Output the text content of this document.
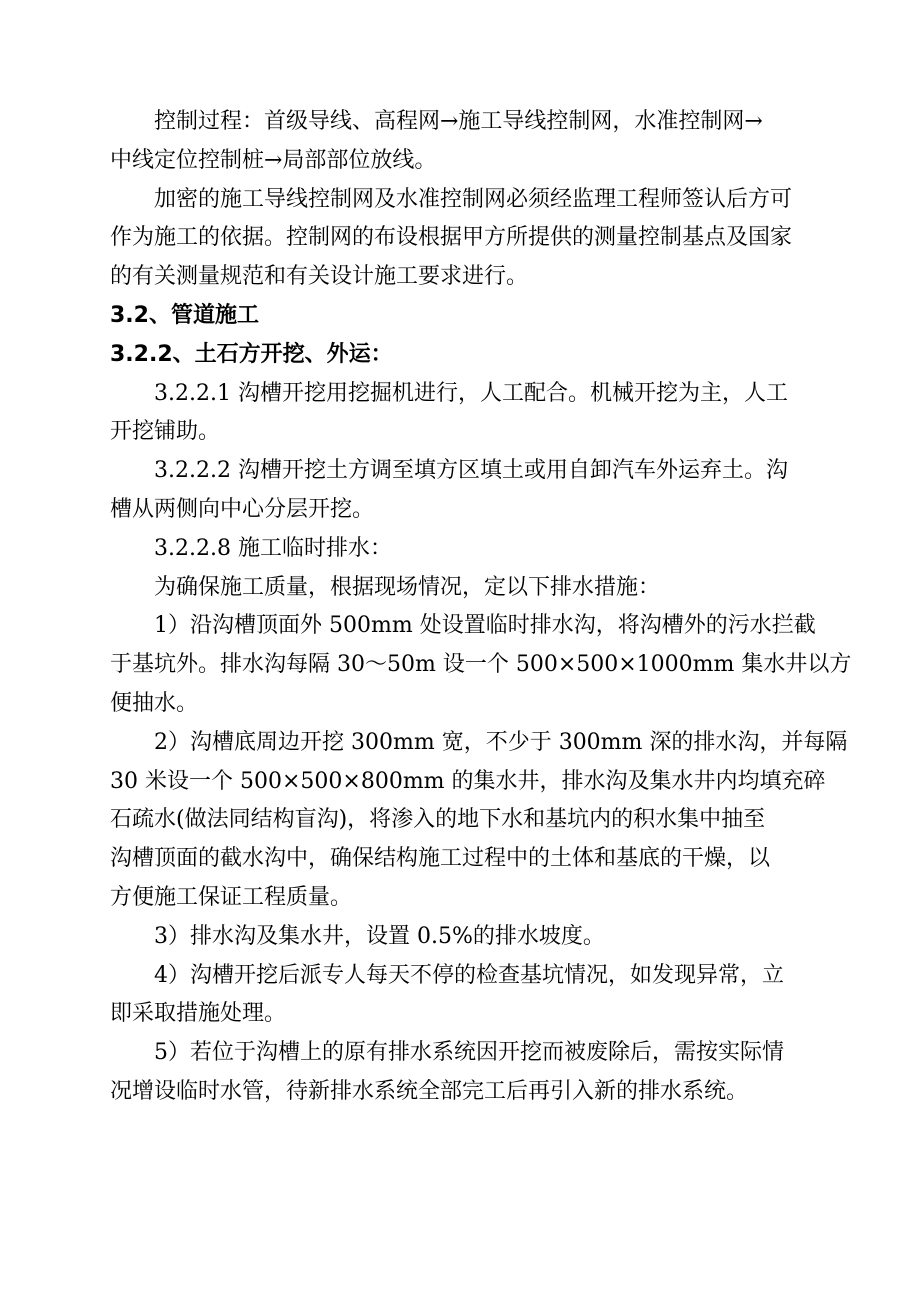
控制过程：首级导线、高程网→施工导线控制网，水准控制网→
中线定位控制桩→局部部位放线。

加密的施工导线控制网及水准控制网必须经监理工程师签认后方可
作为施工的依据。控制网的布设根据甲方所提供的测量控制基点及国家
的有关测量规范和有关设计施工要求进行。

3.2、管道施工

3.2.2、土石方开挖、外运：

3.2.2.1 沟槽开挖用挖掘机进行，人工配合。机械开挖为主，人工
开挖铺助。

3.2.2.2 沟槽开挖土方调至填方区填土或用自卸汽车外运弃土。沟
槽从两侧向中心分层开挖。

3.2.2.8 施工临时排水：

为确保施工质量，根据现场情况，定以下排水措施：

1）沿沟槽顶面外 500mm 处设置临时排水沟，将沟槽外的污水拦截
于基坑外。排水沟每隔 30～50m 设一个 500×500×1000mm 集水井以方
便抽水。

2）沟槽底周边开挖 300mm 宽，不少于 300mm 深的排水沟，并每隔
30 米设一个 500×500×800mm 的集水井，排水沟及集水井内均填充碎
石疏水(做法同结构盲沟)，将渗入的地下水和基坑内的积水集中抽至
沟槽顶面的截水沟中，确保结构施工过程中的土体和基底的干燥，以
方便施工保证工程质量。

3）排水沟及集水井，设置 0.5%的排水坡度。

4）沟槽开挖后派专人每天不停的检查基坑情况，如发现异常，立
即采取措施处理。

5）若位于沟槽上的原有排水系统因开挖而被废除后，需按实际情
况增设临时水管，待新排水系统全部完工后再引入新的排水系统。
